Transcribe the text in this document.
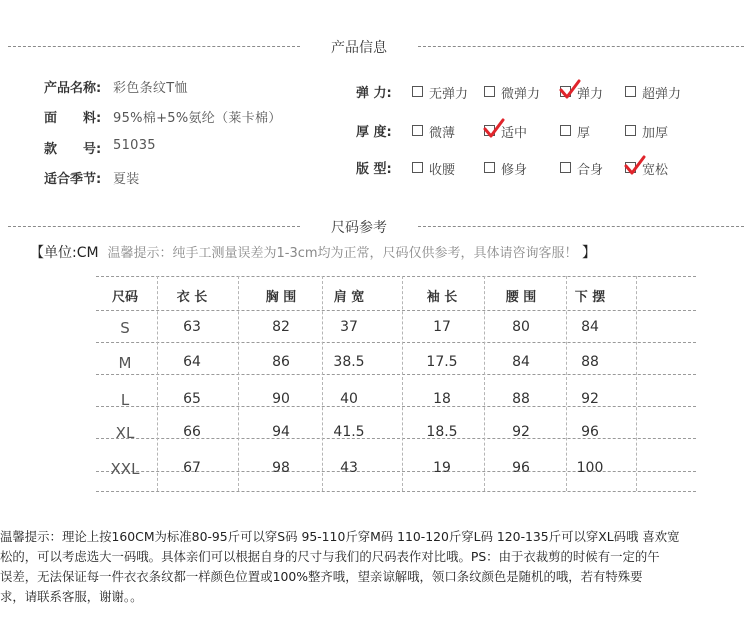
产品信息
产品名称: 彩色条纹T恤
面　　料: 95%棉+5%氨纶（莱卡棉）
款　　号: 51035
适合季节: 夏装
弹 力:	无弹力	微弹力	弹力	超弹力
厚 度:	微薄	适中	厚	加厚
版 型:	收腰	修身	合身	宽松
尺码参考
【单位:CM 温馨提示：纯手工测量误差为1-3cm均为正常，尺码仅供参考，具体请咨询客服！ 】
尺码	衣 长	胸 围	肩 宽	袖 长	腰 围	下 摆
S	63	82	37	17	80	84
M	64	86	38.5	17.5	84	88
L	65	90	40	18	88	92
XL	66	94	41.5	18.5	92	96
XXL	67	98	43	19	96	100

温馨提示：理论上按160CM为标准80-95斤可以穿S码 95-110斤穿M码 110-120斤穿L码 120-135斤可以穿XL码哦 喜欢宽

松的，可以考虑选大一码哦。具体亲们可以根据自身的尺寸与我们的尺码表作对比哦。PS：由于衣裁剪的时候有一定的午

误差，无法保证每一件衣衣条纹都一样颜色位置或100%整齐哦，望亲谅解哦，领口条纹颜色是随机的哦，若有特殊要

求，请联系客服，谢谢。。
